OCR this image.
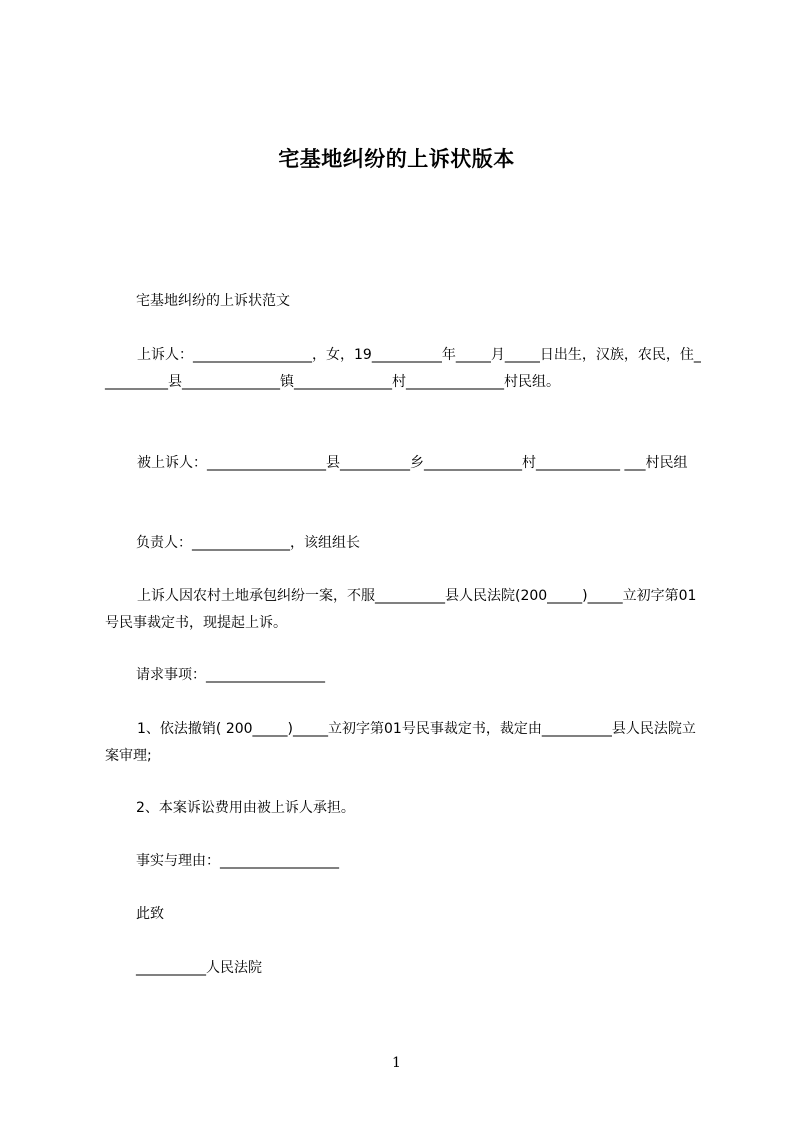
宅基地纠纷的上诉状版本
宅基地纠纷的上诉状范文
上诉人：_________________，女，19__________年_____月_____日出生，汉族，农民，住__________县______________镇______________村______________村民组。
被上诉人：_________________县__________乡______________村____________ ___村民组
负责人：______________，该组组长
上诉人因农村土地承包纠纷一案，不服__________县人民法院(200_____)_____立初字第01号民事裁定书，现提起上诉。
请求事项：_________________
1、依法撤销( 200_____)_____立初字第01号民事裁定书，裁定由__________县人民法院立案审理;
2、本案诉讼费用由被上诉人承担。
事实与理由：_________________
此致
__________人民法院
1
